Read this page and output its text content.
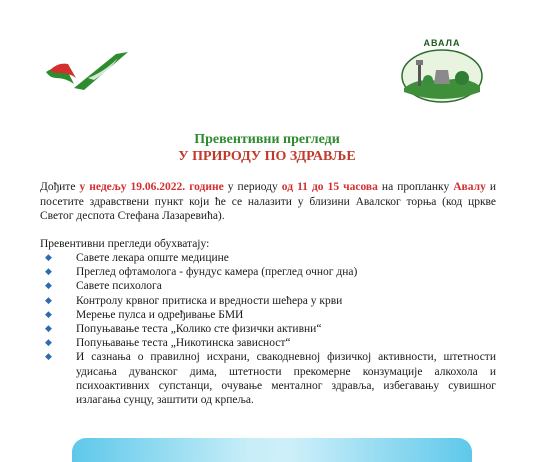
АВАЛА
Превентивни прегледи
У ПРИРОДУ ПО ЗДРАВЉЕ
Дођите у недељу 19.06.2022. године у периоду од 11 до 15 часова на пропланку Авалу и посетите здравствени пункт који ће се налазити у близини Авалског торња (код цркве Светог деспота Стефана Лазаревића).
Превентивни прегледи обухватају:
◆ Савете лекара опште медицине
◆ Преглед офтамолога - фундус камера (преглед очног дна)
◆ Савете психолога
◆ Контролу крвног притиска и вредности шећера у крви
◆ Мерење пулса и одређивање БМИ
◆ Попуњавање теста „Колико сте физички активни“
◆ Попуњавање теста „Никотинска зависност“
◆ И сазнања о правилној исхрани, свакодневној физичкој активности, штетности удисања дуванског дима, штетности прекомерне конзумације алкохола и психоактивних супстанци, очување менталног здравља, избегавању сувишног излагања сунцу, заштити од крпеља.
